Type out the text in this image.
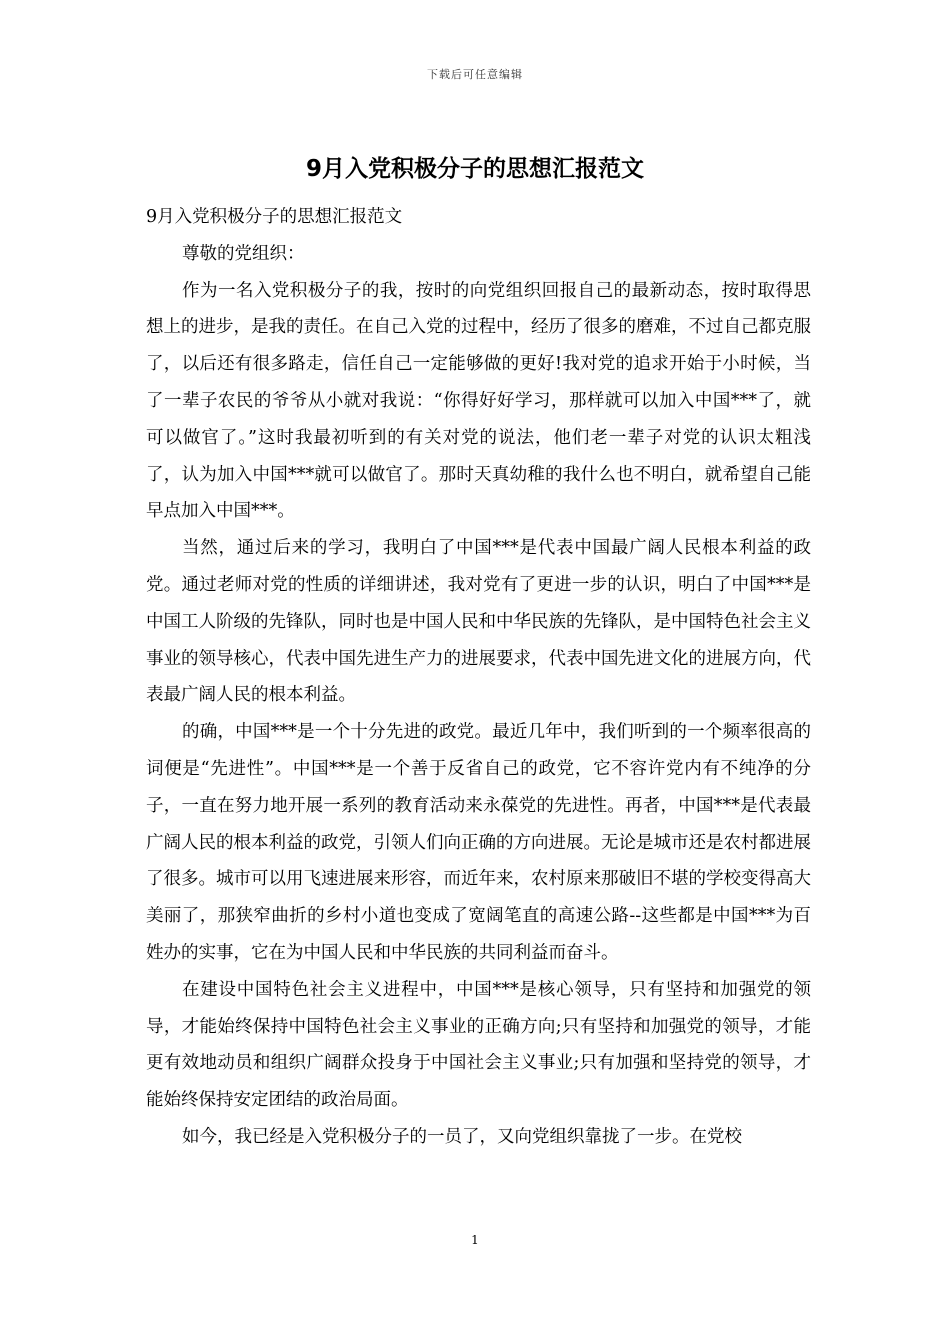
下载后可任意编辑
9月入党积极分子的思想汇报范文

9月入党积极分子的思想汇报范文

尊敬的党组织：

作为一名入党积极分子的我，按时的向党组织回报自己的最新动态，按时取得思想上的进步，是我的责任。在自己入党的过程中，经历了很多的磨难，不过自己都克服了，以后还有很多路走，信任自己一定能够做的更好!我对党的追求开始于小时候，当了一辈子农民的爷爷从小就对我说：“你得好好学习，那样就可以加入中国***了，就可以做官了。”这时我最初听到的有关对党的说法，他们老一辈子对党的认识太粗浅了，认为加入中国***就可以做官了。那时天真幼稚的我什么也不明白，就希望自己能早点加入中国***。

当然，通过后来的学习，我明白了中国***是代表中国最广阔人民根本利益的政党。通过老师对党的性质的详细讲述，我对党有了更进一步的认识，明白了中国***是中国工人阶级的先锋队，同时也是中国人民和中华民族的先锋队，是中国特色社会主义事业的领导核心，代表中国先进生产力的进展要求，代表中国先进文化的进展方向，代表最广阔人民的根本利益。

的确，中国***是一个十分先进的政党。最近几年中，我们听到的一个频率很高的词便是“先进性”。中国***是一个善于反省自己的政党，它不容许党内有不纯净的分子，一直在努力地开展一系列的教育活动来永葆党的先进性。再者，中国***是代表最广阔人民的根本利益的政党，引领人们向正确的方向进展。无论是城市还是农村都进展了很多。城市可以用飞速进展来形容，而近年来，农村原来那破旧不堪的学校变得高大美丽了，那狭窄曲折的乡村小道也变成了宽阔笔直的高速公路--这些都是中国***为百姓办的实事，它在为中国人民和中华民族的共同利益而奋斗。

在建设中国特色社会主义进程中，中国***是核心领导，只有坚持和加强党的领导，才能始终保持中国特色社会主义事业的正确方向;只有坚持和加强党的领导，才能更有效地动员和组织广阔群众投身于中国社会主义事业;只有加强和坚持党的领导，才能始终保持安定团结的政治局面。

如今，我已经是入党积极分子的一员了，又向党组织靠拢了一步。在党校

1
